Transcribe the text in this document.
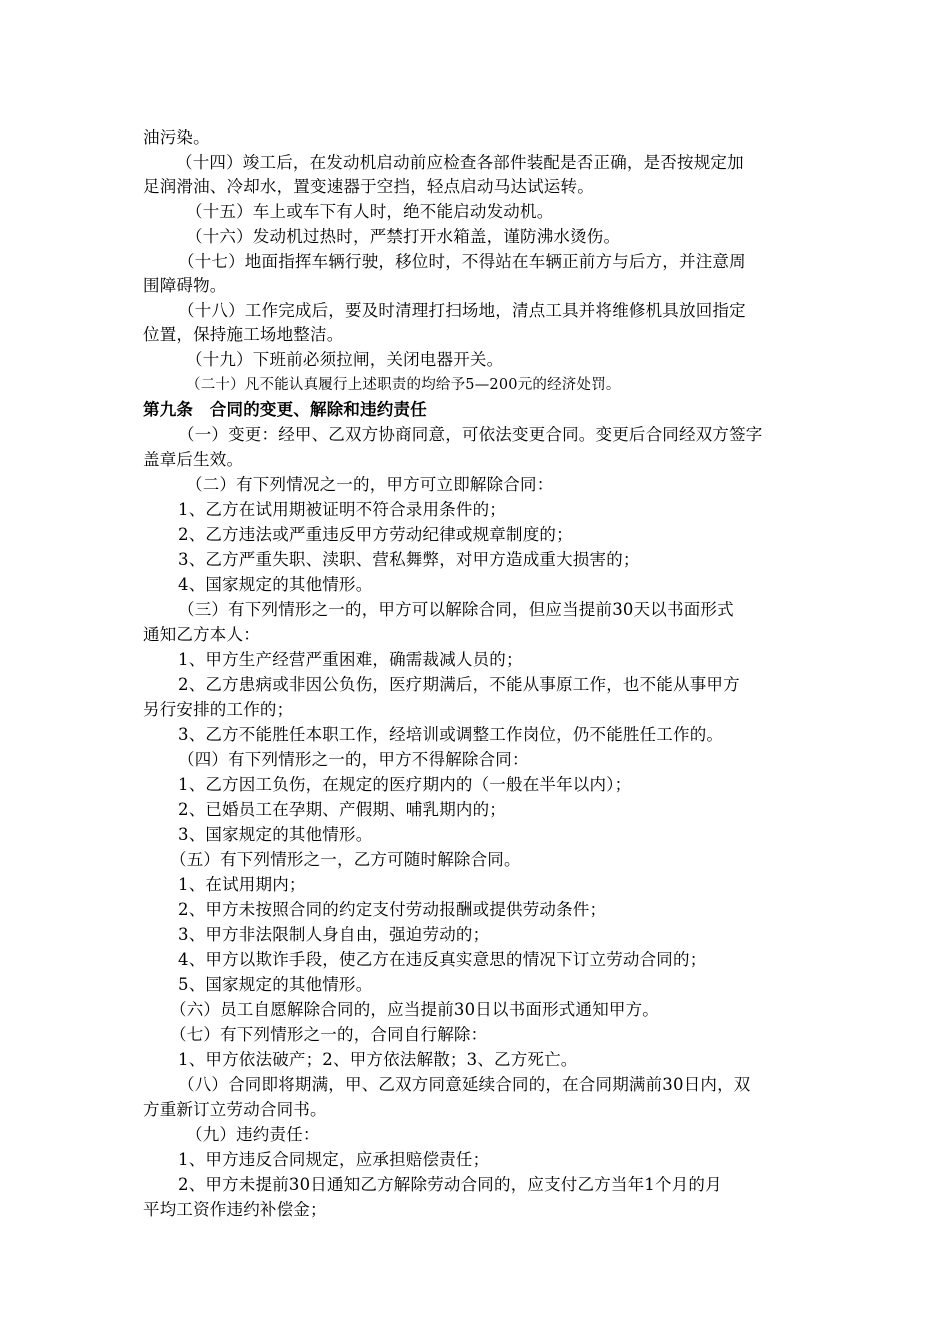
油污染。
（十四）竣工后，在发动机启动前应检查各部件装配是否正确，是否按规定加
足润滑油、冷却水，置变速器于空挡，轻点启动马达试运转。
（十五）车上或车下有人时，绝不能启动发动机。
（十六）发动机过热时，严禁打开水箱盖，谨防沸水烫伤。
（十七）地面指挥车辆行驶，移位时，不得站在车辆正前方与后方，并注意周
围障碍物。
（十八）工作完成后，要及时清理打扫场地，清点工具并将维修机具放回指定
位置，保持施工场地整洁。
（十九）下班前必须拉闸，关闭电器开关。
（二十）凡不能认真履行上述职责的均给予5—200元的经济处罚。
第九条　合同的变更、解除和违约责任
（一）变更：经甲、乙双方协商同意，可依法变更合同。变更后合同经双方签字
盖章后生效。
（二）有下列情况之一的，甲方可立即解除合同：
1、乙方在试用期被证明不符合录用条件的；
2、乙方违法或严重违反甲方劳动纪律或规章制度的；
3、乙方严重失职、渎职、营私舞弊，对甲方造成重大损害的；
4、国家规定的其他情形。
（三）有下列情形之一的，甲方可以解除合同，但应当提前30天以书面形式
通知乙方本人：
1、甲方生产经营严重困难，确需裁减人员的；
2、乙方患病或非因公负伤，医疗期满后，不能从事原工作，也不能从事甲方
另行安排的工作的；
3、乙方不能胜任本职工作，经培训或调整工作岗位，仍不能胜任工作的。
（四）有下列情形之一的，甲方不得解除合同：
1、乙方因工负伤，在规定的医疗期内的（一般在半年以内）；
2、已婚员工在孕期、产假期、哺乳期内的；
3、国家规定的其他情形。
（五）有下列情形之一，乙方可随时解除合同。
1、在试用期内；
2、甲方未按照合同的约定支付劳动报酬或提供劳动条件；
3、甲方非法限制人身自由，强迫劳动的；
4、甲方以欺诈手段，使乙方在违反真实意思的情况下订立劳动合同的；
5、国家规定的其他情形。
（六）员工自愿解除合同的，应当提前30日以书面形式通知甲方。
（七）有下列情形之一的，合同自行解除：
1、甲方依法破产；2、甲方依法解散；3、乙方死亡。
（八）合同即将期满，甲、乙双方同意延续合同的，在合同期满前30日内，双
方重新订立劳动合同书。
（九）违约责任：
1、甲方违反合同规定，应承担赔偿责任；
2、甲方未提前30日通知乙方解除劳动合同的，应支付乙方当年1个月的月
平均工资作违约补偿金；
